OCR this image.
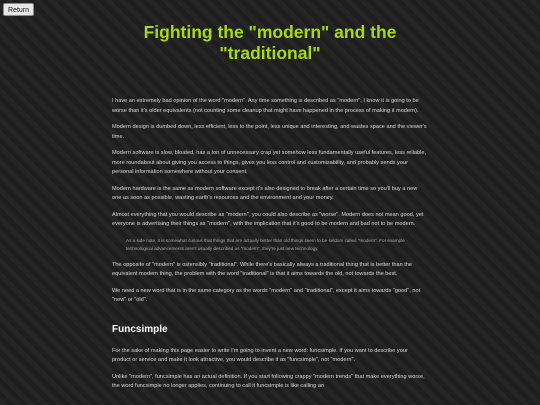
Return
Fighting the "modern" and the "traditional"

I have an extremely bad opinion of the word "modern". Any time something is described as "modern", I know it is going to be worse than it's older equivalents (not counting some cleanup that might have happened in the process of making it modern).

Modern design is dumbed down, less efficient, less to the point, less unique and interesting, and wastes space and the viewer's time.

Modern software is slow, bloated, has a ton of unnecessary crap yet somehow less fundamentally useful features, less reliable, more roundabout about giving you access to things, gives you less control and customizability, and probably sends your personal information somewhere without your consent.

Modern hardware is the same as modern software except it's also designed to break after a certain time so you'll buy a new one as soon as possible, wasting earth's resources and the environment and your money.

Almost everything that you would describe as "modern", you could also describe as "worse". Modern does not mean good, yet everyone is advertising their things as "modern", with the implication that it's good to be modern and bad not to be modern.

As a side note, it is somewhat curious that things that are actually better than old things seem to be seldom called "modern". For example technological advancements aren't usually described as "modern", they're just new technology.

The opposite of "modern" is ostensibly "traditional". While there's basically always a traditional thing that is better than the equivalent modern thing, the problem with the word "traditional" is that it aims towards the old, not towards the best.

We need a new word that is in the same category as the words "modern" and "traditional", except it aims towards "good", not "new" or "old".

Funcsimple

For the sake of making this page easier to write I'm going to invent a new word: funcsimple. If you want to describe your product or service and make it look attractive, you would describe it as "funcsimple", not "modern".

Unlike "modern", funcsimple has an actual definition. If you start following crappy "modern trends" that make everything worse, the word funcsimple no longer applies, continuing to call it funcsimple is like calling an
